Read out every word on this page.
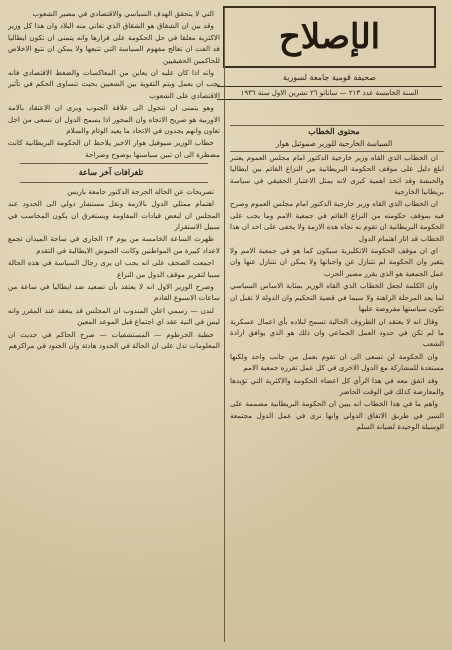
الإصلاح
صحيفة قومية جامعة لسورية
السنة الخامسة عدد ٢١٣ — ساناتو ٢٦ تشرين الاول سنة ١٩٣٦

محتوى الخطاب

السياسة الخارجية للوزير صموئيل هوار

ان الخطاب الذي القاه وزير خارجية الدكتور امام مجلس العموم يعتبر ابلغ دليل على موقف الحكومة البريطانية من النزاع القائم بين ايطاليا والحبشة وقد اتخذ اهمية كبرى لانه يمثل الاعتبار الحقيقي في سياسة بريطانيا الخارجية

ان الخطاب الذي القاه وزير خارجية الدكتور امام مجلس العموم وصرح فيه بموقف حكومته من النزاع القائم في جمعية الامم وما يجب على الحكومة البريطانية ان تقوم به تجاه هذه الازمة ولا يخفى على احد ان هذا الخطاب قد اثار اهتمام الدول

اي ان موقف الحكومة الانكليزية سيكون كما هو في جمعية الامم ولا يتغير وان الحكومة لم تتنازل عن واجباتها ولا يمكن ان تتنازل عنها وان عمل الجمعية هو الذي يقرر مصير الحرب

وان الكلمة لجعل الخطاب الذي القاه الوزير بمثابة الاساس السياسي لما بعد المرحلة الراهنة ولا سيما في قضية التحكيم وان الدولة لا تقبل ان تكون سياستها مفروضة عليها

وقال انه لا يعتقد ان الظروف الحالية تسمح لبلاده بأي اعمال عسكرية ما لم تكن في حدود العمل الجماعي وان ذلك هو الذي يوافق ارادة الشعب

وان الحكومة لن تسعى الى ان تقوم بعمل من جانب واحد ولكنها مستعدة للمشاركة مع الدول الاخرى في كل عمل تقرره جمعية الامم

وقد اتفق معه في هذا الرأي كل اعضاء الحكومة والاكثرية التي تؤيدها والمعارضة كذلك في الوقت الحاضر

واهم ما في هذا الخطاب انه يبين ان الحكومة البريطانية مصممة على السير في طريق الاتفاق الدولي وانها ترى في عمل الدول مجتمعة الوسيلة الوحيدة لصيانة السلم

التي لا يتحقق الهدف السياسي والاقتصادي في مصير الشعوب

وقد بين ان الشقاق هو الشقاق الذي تعاني منه البلاد وان هذا كل وزير الاكثرية معلقا في حل الحكومة على قرارها وانه يتمنى ان تكون ايطاليا قد الفت ان تعالج مفهوم السياسة التي تتبعها ولا يمكن ان تتبع الاخلاص للحاكمين الحقيقيين

وانه اذا كان عليه ان يعاين من المعاكسات والضغط الاقتصادي فانه يجب ان يعمل ويتم التقوية بين الشعبين بحيث تتساوى الحكم في تأثير الاقتصادي على الشعوب

وهو يتمنى ان تتحول الى علاقة الجنوب ويرى ان الاعتقاد بالامة الاوربية هو صريح الاتجاه وان المحور اذا يسمح الدول ان تسعى من اجل تعاون وانهم يجدون في الاتحاد ما يعيد الوئام والسلام

خطاب الوزير سيوفيل هوار الاخير يلاحظ ان الحكومة البريطانية كانت مضطرة الى ان تبين سياستها بوضوح وصراحة

تلغرافات آخر ساعة

تصريحات عن الحالة الحرجة الدكتور جامعة باريس

اهتمام ممثلي الدول بالازمة ونقل مستشار دولي الى الحدود عند المجلس ان لبعض قيادات المقاومة ويستغرق ان يكون المحاسب في سبيل الاستقرار

ظهرت الساعة الخامسة من يوم ١٣ الجاري في ساحة الميدان تجمع لاعداد كبيرة من المواطنين وكانت الجيوش الايطالية في التقدم

اجمعت الصحف على انه يجب ان يرى رجال السياسة في هذه الحالة سببا لتقرير موقف الدول من النزاع

وصرح الوزير الاول انه لا يعتقد بأن تصعيد ضد ايطاليا في ساعة من ساعات الاسبوع القادم

لندن — رسمي اعلن المندوب ان المجلس قد ينعقد عند المقرر وانه ليس في النية عقد اي اجتماع قبل الموعد المعين

خطبة الخرطوم — المستشفيات — صرح الحاكم في حديث ان المعلومات تدل على ان الحالة في الحدود هادئة وان الجنود في مراكزهم
